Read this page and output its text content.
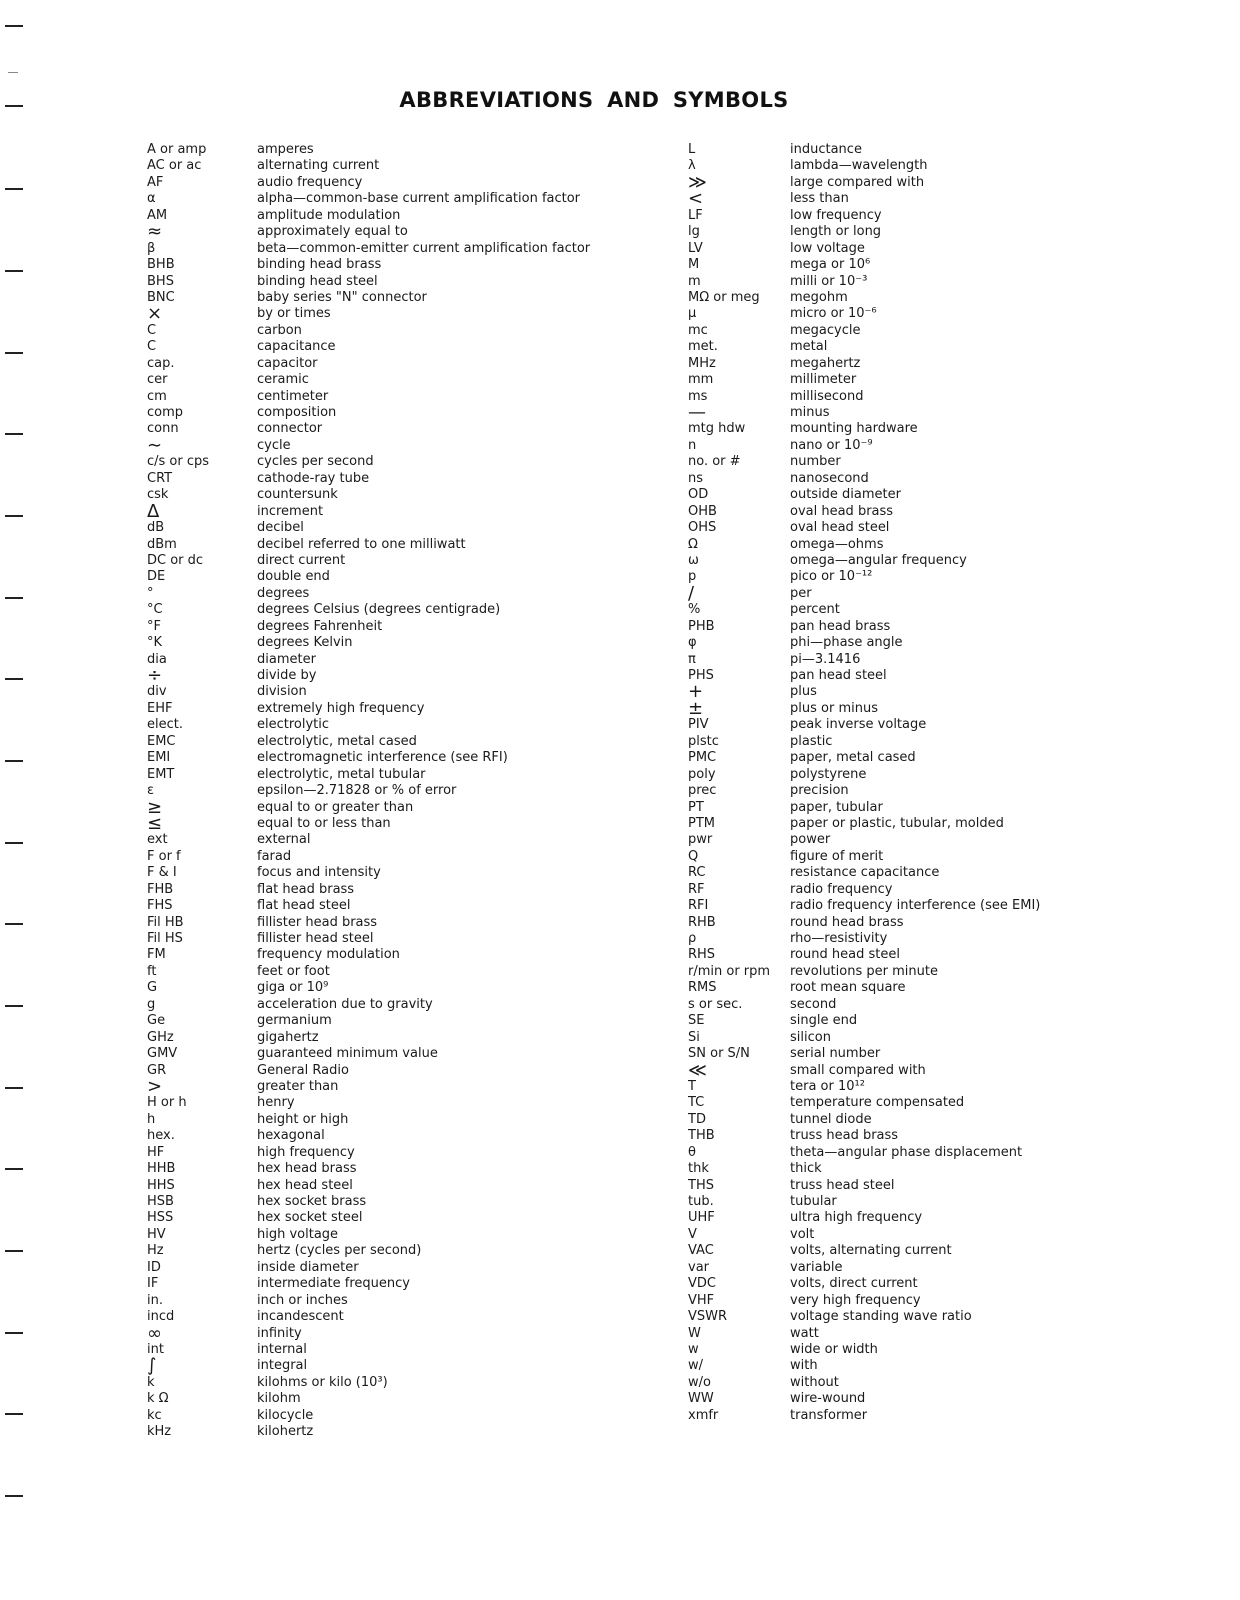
ABBREVIATIONS AND SYMBOLS
A or amp	amperes
AC or ac	alternating current
AF	audio frequency
α	alpha—common-base current amplification factor
AM	amplitude modulation
≈	approximately equal to
β	beta—common-emitter current amplification factor
BHB	binding head brass
BHS	binding head steel
BNC	baby series "N" connector
×	by or times
C	carbon
C	capacitance
cap.	capacitor
cer	ceramic
cm	centimeter
comp	composition
conn	connector
∼	cycle
c/s or cps	cycles per second
CRT	cathode-ray tube
csk	countersunk
Δ	increment
dB	decibel
dBm	decibel referred to one milliwatt
DC or dc	direct current
DE	double end
°	degrees
°C	degrees Celsius (degrees centigrade)
°F	degrees Fahrenheit
°K	degrees Kelvin
dia	diameter
÷	divide by
div	division
EHF	extremely high frequency
elect.	electrolytic
EMC	electrolytic, metal cased
EMI	electromagnetic interference (see RFI)
EMT	electrolytic, metal tubular
ε	epsilon—2.71828 or % of error
≥	equal to or greater than
≤	equal to or less than
ext	external
F or f	farad
F & I	focus and intensity
FHB	flat head brass
FHS	flat head steel
Fil HB	fillister head brass
Fil HS	fillister head steel
FM	frequency modulation
ft	feet or foot
G	giga or 10⁹
g	acceleration due to gravity
Ge	germanium
GHz	gigahertz
GMV	guaranteed minimum value
GR	General Radio
>	greater than
H or h	henry
h	height or high
hex.	hexagonal
HF	high frequency
HHB	hex head brass
HHS	hex head steel
HSB	hex socket brass
HSS	hex socket steel
HV	high voltage
Hz	hertz (cycles per second)
ID	inside diameter
IF	intermediate frequency
in.	inch or inches
incd	incandescent
∞	infinity
int	internal
∫	integral
k	kilohms or kilo (10³)
k Ω	kilohm
kc	kilocycle
kHz	kilohertz
L	inductance
λ	lambda—wavelength
≫	large compared with
<	less than
LF	low frequency
lg	length or long
LV	low voltage
M	mega or 10⁶
m	milli or 10⁻³
MΩ or meg megohm
μ	micro or 10⁻⁶
mc	megacycle
met.	metal
MHz	megahertz
mm	millimeter
ms	millisecond
—	minus
mtg hdw	mounting hardware
n	nano or 10⁻⁹
no. or #	number
ns	nanosecond
OD	outside diameter
OHB	oval head brass
OHS	oval head steel
Ω	omega—ohms
ω	omega—angular frequency
p	pico or 10⁻¹²
/	per
%	percent
PHB	pan head brass
φ	phi—phase angle
π	pi—3.1416
PHS	pan head steel
+	plus
±	plus or minus
PIV	peak inverse voltage
plstc	plastic
PMC	paper, metal cased
poly	polystyrene
prec	precision
PT	paper, tubular
PTM	paper or plastic, tubular, molded
pwr	power
Q	figure of merit
RC	resistance capacitance
RF	radio frequency
RFI	radio frequency interference (see EMI)
RHB	round head brass
ρ	rho—resistivity
RHS	round head steel
r/min or rpm revolutions per minute
RMS	root mean square
s or sec.	second
SE	single end
Si	silicon
SN or S/N	serial number
≪	small compared with
T	tera or 10¹²
TC	temperature compensated
TD	tunnel diode
THB	truss head brass
θ	theta—angular phase displacement
thk	thick
THS	truss head steel
tub.	tubular
UHF	ultra high frequency
V	volt
VAC	volts, alternating current
var	variable
VDC	volts, direct current
VHF	very high frequency
VSWR	voltage standing wave ratio
W	watt
w	wide or width
w/	with
w/o	without
WW	wire-wound
xmfr	transformer
